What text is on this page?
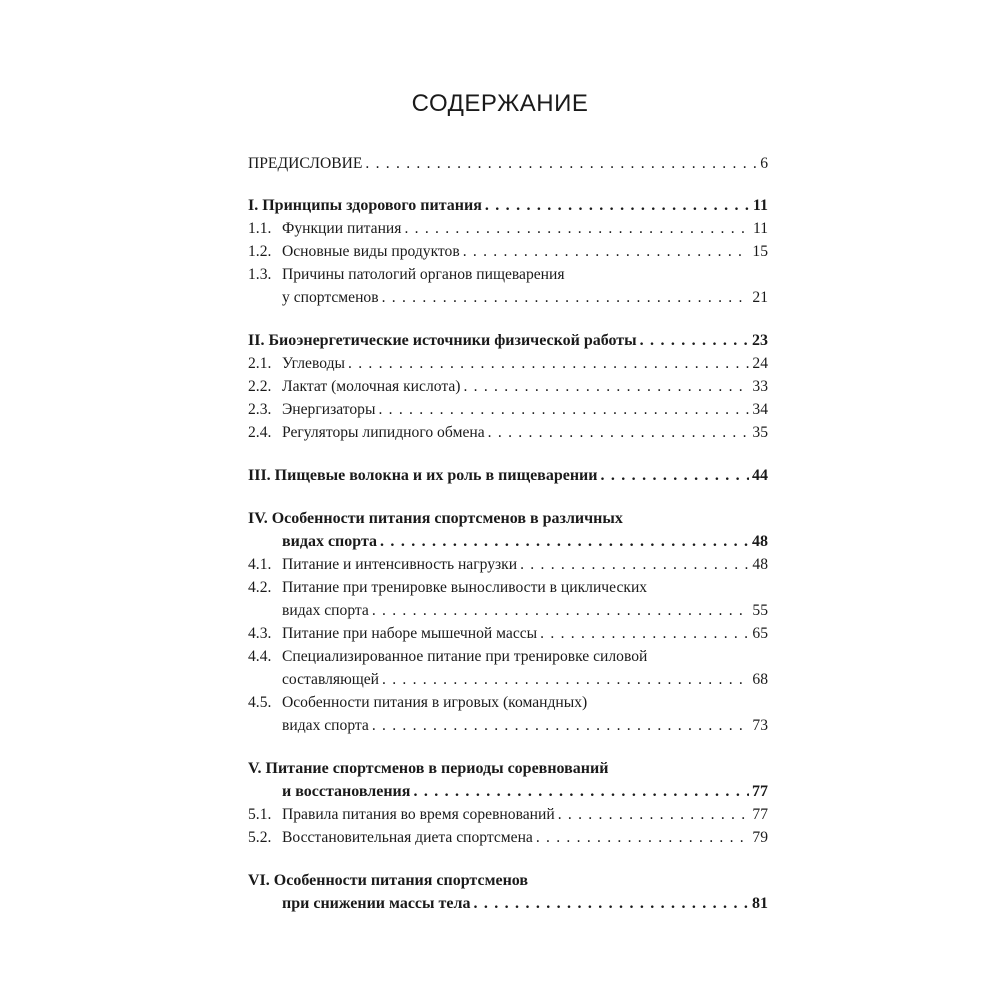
СОДЕРЖАНИЕ
ПРЕДИСЛОВИЕ . . .	6
I. Принципы здорового питания . . .	11
1.1. Функции питания . . .	11
1.2. Основные виды продуктов . . .	15
1.3. Причины патологий органов пищеварения
у спортсменов . . .	21
II. Биоэнергетические источники физической работы . . .	23
2.1. Углеводы . . .	24
2.2. Лактат (молочная кислота) . . .	33
2.3. Энергизаторы . . .	34
2.4. Регуляторы липидного обмена . . .	35
III. Пищевые волокна и их роль в пищеварении . . .	44
IV. Особенности питания спортсменов в различных
видах спорта . . .	48
4.1. Питание и интенсивность нагрузки . . .	48
4.2. Питание при тренировке выносливости в циклических
видах спорта . . .	55
4.3. Питание при наборе мышечной массы . . .	65
4.4. Специализированное питание при тренировке силовой
составляющей . . .	68
4.5. Особенности питания в игровых (командных)
видах спорта . . .	73
V. Питание спортсменов в периоды соревнований
и восстановления . . .	77
5.1. Правила питания во время соревнований . . .	77
5.2. Восстановительная диета спортсмена . . .	79
VI. Особенности питания спортсменов
при снижении массы тела . . .	81
